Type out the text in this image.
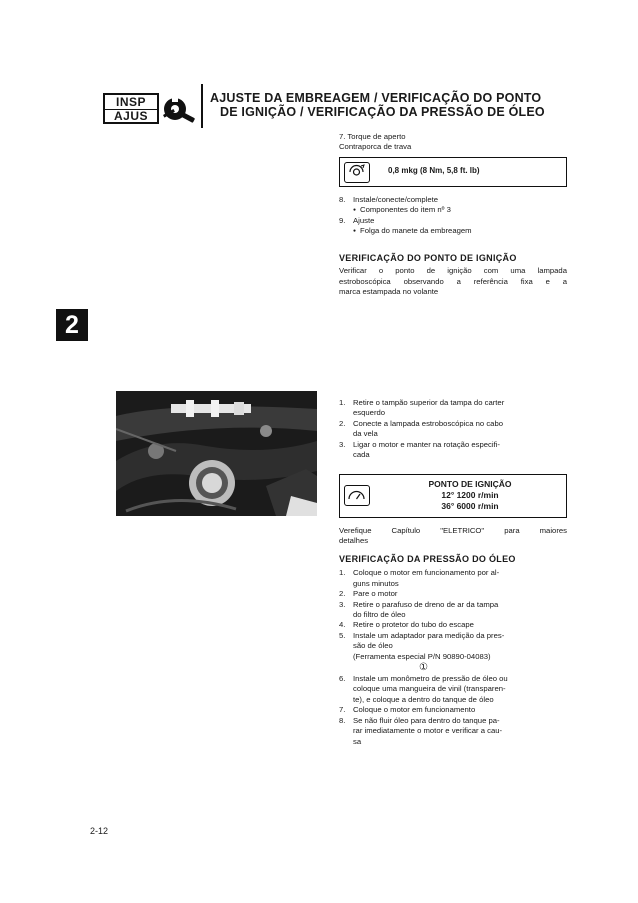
INSP
AJUS
AJUSTE DA EMBREAGEM / VERIFICAÇÃO DO PONTO
DE IGNIÇÃO / VERIFICAÇÃO DA PRESSÃO DE ÓLEO
2
7. Torque de aperto
Contraporca de trava
0,8 mkg (8 Nm, 5,8 ft. lb)
8. Instale/conecte/complete
● Componentes do item nº 3
9. Ajuste
● Folga do manete da embreagem
VERIFICAÇÃO DO PONTO DE IGNIÇÃO
Verificar o ponto de ignição com uma lampada
estroboscópica observando a referência fixa e a
marca estampada no volante
1. Retire o tampão superior da tampa do carter
esquerdo
2. Conecte a lampada estroboscópica no cabo
da vela
3. Ligar o motor e manter na rotação especifi-
cada
PONTO DE IGNIÇÃO
12° 1200 r/min
36° 6000 r/min
Verefique Capítulo "ELETRICO" para maiores
detalhes
VERIFICAÇÃO DA PRESSÃO DO ÓLEO
1. Coloque o motor em funcionamento por al-
guns minutos
2. Pare o motor
3. Retire o parafuso de dreno de ar da tampa
do filtro de óleo
4. Retire o protetor do tubo do escape
5. Instale um adaptador para medição da pres-
são de óleo
(Ferramenta especial P/N 90890-04083)
①
6. Instale um monômetro de pressão de óleo ou
coloque uma mangueira de vinil (transparen-
te), e coloque a dentro do tanque de óleo
7. Coloque o motor em funcionamento
8. Se não fluir óleo para dentro do tanque pa-
rar imediatamente o motor e verificar a cau-
sa
2-12
